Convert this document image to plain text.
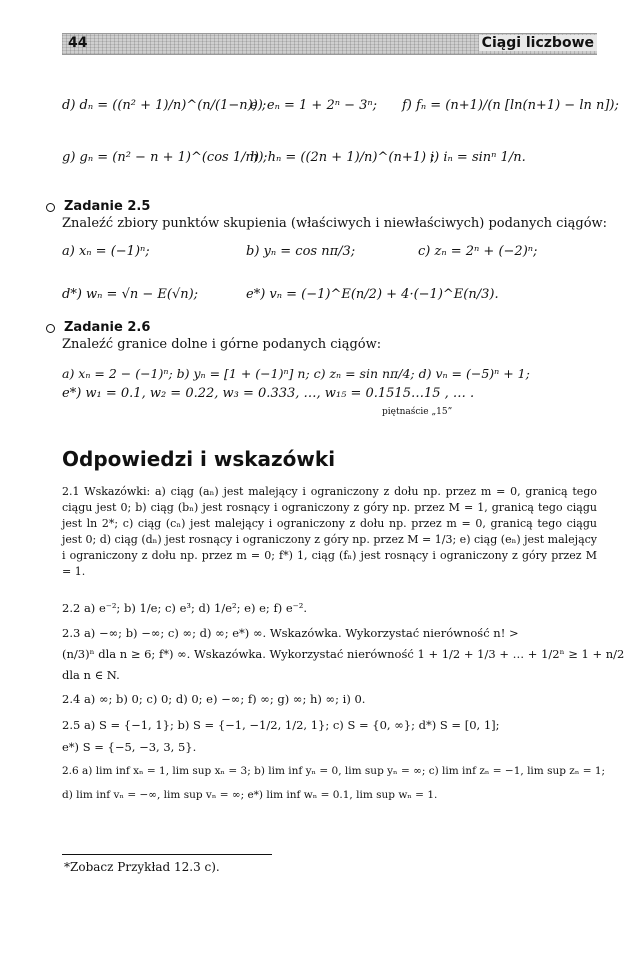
44	Ciągi liczbowe
d) dₙ = ((n² + 1)/n)^(n/(1−n)) ;
e) eₙ = 1 + 2ⁿ − 3ⁿ; f) fₙ = (n+1)/(n [ln(n+1) − ln n]);
g) gₙ = (n² − n + 1)^(cos 1/n) ;
h) hₙ = ((2n + 1)/n)^(n+1) ;
i) iₙ = sinⁿ 1/n.
Zadanie 2.5
Znaleźć zbiory punktów skupienia (właściwych i niewłaściwych) podanych ciągów:
a) xₙ = (−1)ⁿ;	b) yₙ = cos nπ/3;	c) zₙ = 2ⁿ + (−2)ⁿ;
d*) wₙ = √n − E(√n);	e*) vₙ = (−1)^E(n/2) + 4·(−1)^E(n/3).
Zadanie 2.6
Znaleźć granice dolne i górne podanych ciągów:
a) xₙ = 2 − (−1)ⁿ; b) yₙ = [1 + (−1)ⁿ] n; c) zₙ = sin nπ/4; d) vₙ = (−5)ⁿ + 1;
e*) w₁ = 0.1, w₂ = 0.22, w₃ = 0.333, …, w₁₅ = 0.1515…15 , … .
piętnaście „15”
Odpowiedzi i wskazówki
2.1 Wskazówki: a) ciąg (aₙ) jest malejący i ograniczony z dołu np. przez m = 0, granicą tego ciągu jest 0; b) ciąg (bₙ) jest rosnący i ograniczony z góry np. przez M = 1, granicą tego ciągu jest ln 2*; c) ciąg (cₙ) jest malejący i ograniczony z dołu np. przez m = 0, granicą tego ciągu jest 0; d) ciąg (dₙ) jest rosnący i ograniczony z góry np. przez M = 1/3; e) ciąg (eₙ) jest malejący i ograniczony z dołu np. przez m = 0; f*) 1, ciąg (fₙ) jest rosnący i ograniczony z góry przez M = 1.
2.2 a) e⁻²; b) 1/e; c) e³; d) 1/e²; e) e; f) e⁻².
2.3 a) −∞; b) −∞; c) ∞; d) ∞; e*) ∞. Wskazówka. Wykorzystać nierówność n! >
(n/3)ⁿ dla n ≥ 6; f*) ∞. Wskazówka. Wykorzystać nierówność 1 + 1/2 + 1/3 + … + 1/2ⁿ ≥ 1 + n/2
dla n ∈ N.
2.4 a) ∞; b) 0; c) 0; d) 0; e) −∞; f) ∞; g) ∞; h) ∞; i) 0.
2.5 a) S = {−1, 1}; b) S = {−1, −1/2, 1/2, 1}; c) S = {0, ∞}; d*) S = [0, 1];
e*) S = {−5, −3, 3, 5}.
2.6 a) lim inf xₙ = 1, lim sup xₙ = 3; b) lim inf yₙ = 0, lim sup yₙ = ∞; c) lim inf zₙ = −1, lim sup zₙ = 1;
d) lim inf vₙ = −∞, lim sup vₙ = ∞; e*) lim inf wₙ = 0.1, lim sup wₙ = 1.
*Zobacz Przykład 12.3 c).
